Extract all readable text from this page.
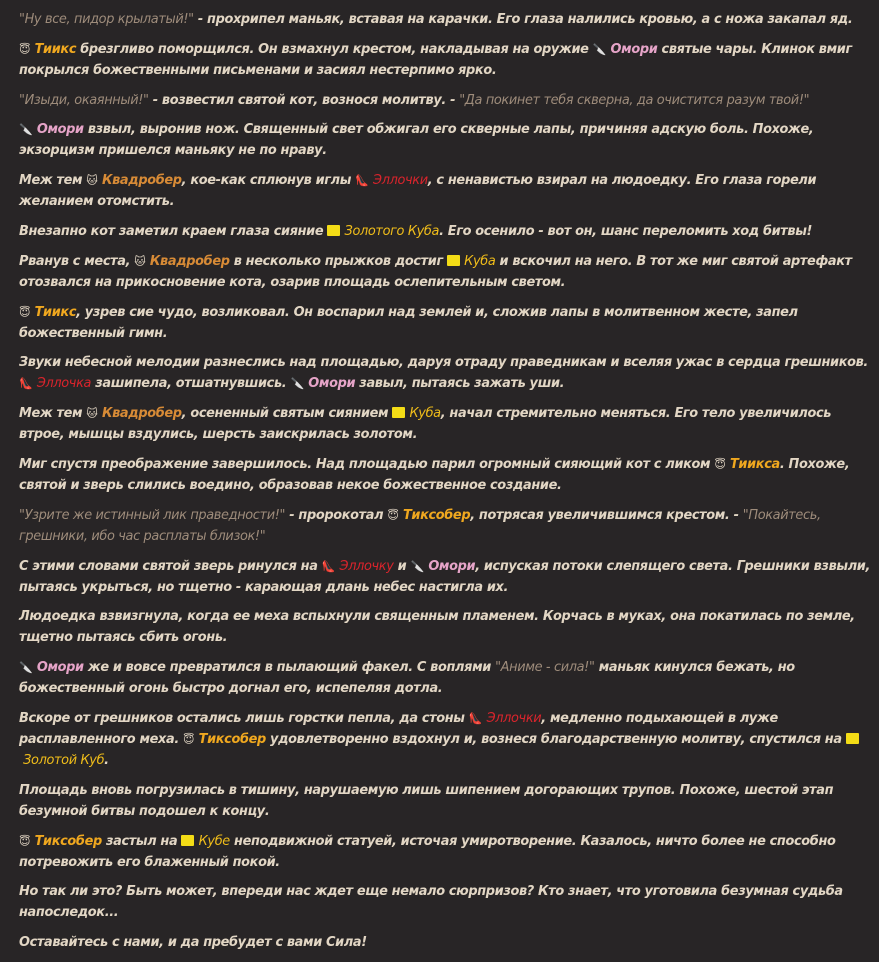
"Ну все, пидор крылатый!" - прохрипел маньяк, вставая на карачки. Его глаза налились кровью, а с ножа закапал яд.

😇 Тиикс брезгливо поморщился. Он взмахнул крестом, накладывая на оружие 🔪 Омори святые чары. Клинок вмиг покрылся божественными письменами и засиял нестерпимо ярко.

"Изыди, окаянный!" - возвестил святой кот, вознося молитву. - "Да покинет тебя скверна, да очистится разум твой!"

🔪 Омори взвыл, выронив нож. Священный свет обжигал его скверные лапы, причиняя адскую боль. Похоже, экзорцизм пришелся маньяку не по нраву.

Меж тем 🐱 Квадробер, кое-как сплюнув иглы 👠 Эллочки, с ненавистью взирал на людоедку. Его глаза горели желанием отомстить.

Внезапно кот заметил краем глаза сияние  Золотого Куба. Его осенило - вот он, шанс переломить ход битвы!

Рванув с места, 🐱 Квадробер в несколько прыжков достиг  Куба и вскочил на него. В тот же миг святой артефакт отозвался на прикосновение кота, озарив площадь ослепительным светом.

😇 Тиикс, узрев сие чудо, возликовал. Он воспарил над землей и, сложив лапы в молитвенном жесте, запел божественный гимн.

Звуки небесной мелодии разнеслись над площадью, даруя отраду праведникам и вселяя ужас в сердца грешников. 👠 Эллочка зашипела, отшатнувшись. 🔪 Омори завыл, пытаясь зажать уши.

Меж тем 🐱 Квадробер, осененный святым сиянием  Куба, начал стремительно меняться. Его тело увеличилось втрое, мышцы вздулись, шерсть заискрилась золотом.

Миг спустя преображение завершилось. Над площадью парил огромный сияющий кот с ликом 😇 Тиикса. Похоже, святой и зверь слились воедино, образовав некое божественное создание.

"Узрите же истинный лик праведности!" - пророкотал 😇 Тиксобер, потрясая увеличившимся крестом. - "Покайтесь, грешники, ибо час расплаты близок!"

С этими словами святой зверь ринулся на 👠 Эллочку и 🔪 Омори, испуская потоки слепящего света. Грешники взвыли, пытаясь укрыться, но тщетно - карающая длань небес настигла их.

Людоедка взвизгнула, когда ее меха вспыхнули священным пламенем. Корчась в муках, она покатилась по земле, тщетно пытаясь сбить огонь.

🔪 Омори же и вовсе превратился в пылающий факел. С воплями "Аниме - сила!" маньяк кинулся бежать, но божественный огонь быстро догнал его, испепеляя дотла.

Вскоре от грешников остались лишь горстки пепла, да стоны 👠 Эллочки, медленно подыхающей в луже расплавленного меха. 😇 Тиксобер удовлетворенно вздохнул и, вознеся благодарственную молитву, спустился на  Золотой Куб.

Площадь вновь погрузилась в тишину, нарушаемую лишь шипением догорающих трупов. Похоже, шестой этап безумной битвы подошел к концу.

😇 Тиксобер застыл на  Кубе неподвижной статуей, источая умиротворение. Казалось, ничто более не способно потревожить его блаженный покой.

Но так ли это? Быть может, впереди нас ждет еще немало сюрпризов? Кто знает, что уготовила безумная судьба напоследок...

Оставайтесь с нами, и да пребудет с вами Сила!
